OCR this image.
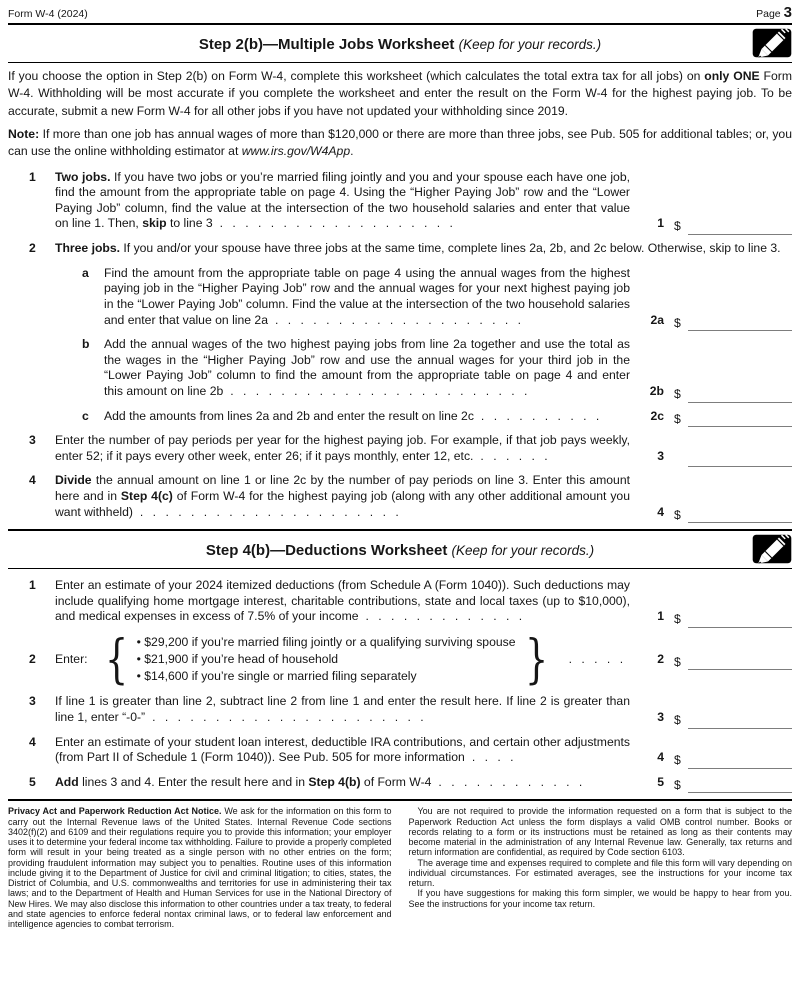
Form W-4 (2024)	Page 3
Step 2(b)—Multiple Jobs Worksheet (Keep for your records.)

If you choose the option in Step 2(b) on Form W-4, complete this worksheet (which calculates the total extra tax for all jobs) on only ONE Form W-4. Withholding will be most accurate if you complete the worksheet and enter the result on the Form W-4 for the highest paying job. To be accurate, submit a new Form W-4 for all other jobs if you have not updated your withholding since 2019.

Note: If more than one job has annual wages of more than $120,000 or there are more than three jobs, see Pub. 505 for additional tables; or, you can use the online withholding estimator at www.irs.gov/W4App.

1	Two jobs. If you have two jobs or you’re married filing jointly and you and your spouse each have one job, find the amount from the appropriate table on page 4. Using the “Higher Paying Job” row and the “Lower Paying Job” column, find the value at the intersection of the two household salaries and enter that value on line 1. Then, skip to line 3 . . . . . . . . . . . . . . . . . . .	1 $
2	Three jobs. If you and/or your spouse have three jobs at the same time, complete lines 2a, 2b, and 2c below. Otherwise, skip to line 3.
a	Find the amount from the appropriate table on page 4 using the annual wages from the highest paying job in the “Higher Paying Job” row and the annual wages for your next highest paying job in the “Lower Paying Job” column. Find the value at the intersection of the two household salaries and enter that value on line 2a . . . . . . . . . . . . . . . . . . . .	2a $
b	Add the annual wages of the two highest paying jobs from line 2a together and use the total as the wages in the “Higher Paying Job” row and use the annual wages for your third job in the “Lower Paying Job” column to find the amount from the appropriate table on page 4 and enter this amount on line 2b . . . . . . . . . . . . . . . . . . . . . . . .	2b $
c	Add the amounts from lines 2a and 2b and enter the result on line 2c . . . . . . . . . .	2c $
3	Enter the number of pay periods per year for the highest paying job. For example, if that job pays weekly, enter 52; if it pays every other week, enter 26; if it pays monthly, enter 12, etc. . . . . . .	3
4	Divide the annual amount on line 1 or line 2c by the number of pay periods on line 3. Enter this amount here and in Step 4(c) of Form W-4 for the highest paying job (along with any other additional amount you want withheld) . . . . . . . . . . . . . . . . . . . . .	4 $
Step 4(b)—Deductions Worksheet (Keep for your records.)
1	Enter an estimate of your 2024 itemized deductions (from Schedule A (Form 1040)). Such deductions may include qualifying home mortgage interest, charitable contributions, state and local taxes (up to $10,000), and medical expenses in excess of 7.5% of your income . . . . . . . . . . . . .	1 $
2	Enter: { • $29,200 if you’re married filing jointly or a qualifying surviving spouse
• $21,900 if you’re head of household
• $14,600 if you’re single or married filing separately	} . . . . .	2 $
3	If line 1 is greater than line 2, subtract line 2 from line 1 and enter the result here. If line 2 is greater than line 1, enter “-0-” . . . . . . . . . . . . . . . . . . . . . .	3 $
4	Enter an estimate of your student loan interest, deductible IRA contributions, and certain other adjustments (from Part II of Schedule 1 (Form 1040)). See Pub. 505 for more information . . . .	4 $
5	Add lines 3 and 4. Enter the result here and in Step 4(b) of Form W-4 . . . . . . . . . . . .	5 $

Privacy Act and Paperwork Reduction Act Notice. We ask for the information on this form to carry out the Internal Revenue laws of the United States. Internal Revenue Code sections 3402(f)(2) and 6109 and their regulations require you to provide this information; your employer uses it to determine your federal income tax withholding. Failure to provide a properly completed form will result in your being treated as a single person with no other entries on the form; providing fraudulent information may subject you to penalties. Routine uses of this information include giving it to the Department of Justice for civil and criminal litigation; to cities, states, the District of Columbia, and U.S. commonwealths and territories for use in administering their tax laws; and to the Department of Health and Human Services for use in the National Directory of New Hires. We may also disclose this information to other countries under a tax treaty, to federal and state agencies to enforce federal nontax criminal laws, or to federal law enforcement and intelligence agencies to combat terrorism.

You are not required to provide the information requested on a form that is subject to the Paperwork Reduction Act unless the form displays a valid OMB control number. Books or records relating to a form or its instructions must be retained as long as their contents may become material in the administration of any Internal Revenue law. Generally, tax returns and return information are confidential, as required by Code section 6103.

The average time and expenses required to complete and file this form will vary depending on individual circumstances. For estimated averages, see the instructions for your income tax return.

If you have suggestions for making this form simpler, we would be happy to hear from you. See the instructions for your income tax return.
